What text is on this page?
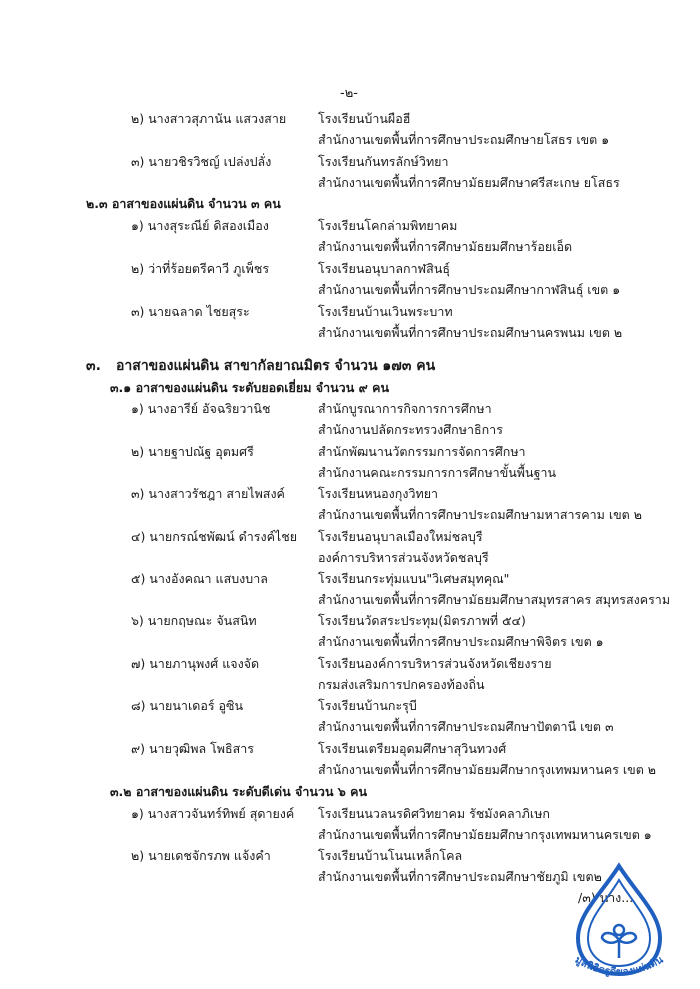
-๒-
๒) นางสาวสุภานัน แสวงสาย	โรงเรียนบ้านผือฮี
สำนักงานเขตพื้นที่การศึกษาประถมศึกษายโสธร เขต ๑
๓) นายวชิรวิชญ์ เปล่งปลั่ง	โรงเรียนกันทรลักษ์วิทยา
สำนักงานเขตพื้นที่การศึกษามัธยมศึกษาศรีสะเกษ ยโสธร
๒.๓ อาสาของแผ่นดิน จำนวน ๓ คน
๑) นางสุระณีย์ ดิสองเมือง	โรงเรียนโคกล่ามพิทยาคม
สำนักงานเขตพื้นที่การศึกษามัธยมศึกษาร้อยเอ็ด
๒) ว่าที่ร้อยตรีคาวี ภูเพ็ชร	โรงเรียนอนุบาลกาฬสินธุ์
สำนักงานเขตพื้นที่การศึกษาประถมศึกษากาฬสินธุ์ เขต ๑
๓) นายฉลาด ไชยสุระ	โรงเรียนบ้านเวินพระบาท
สำนักงานเขตพื้นที่การศึกษาประถมศึกษานครพนม เขต ๒
๓. อาสาของแผ่นดิน สาขากัลยาณมิตร จำนวน ๑๗๓ คน
๓.๑ อาสาของแผ่นดิน ระดับยอดเยี่ยม จำนวน ๙ คน
๑) นางอารีย์ อัจฉริยวานิช	สำนักบูรณาการกิจการการศึกษา
สำนักงานปลัดกระทรวงศึกษาธิการ
๒) นายฐาปณัฐ อุตมศรี	สำนักพัฒนานวัตกรรมการจัดการศึกษา
สำนักงานคณะกรรมการการศึกษาขั้นพื้นฐาน
๓) นางสาวรัชฎา สายไพสงค์	โรงเรียนหนองกุงวิทยา
สำนักงานเขตพื้นที่การศึกษาประถมศึกษามหาสารคาม เขต ๒
๔) นายกรณ์ชพัฒน์ ดำรงค์ไชย โรงเรียนอนุบาลเมืองใหม่ชลบุรี
องค์การบริหารส่วนจังหวัดชลบุรี
๕) นางอังคณา แสบงบาล	โรงเรียนกระทุ่มแบน"วิเศษสมุทคุณ"
สำนักงานเขตพื้นที่การศึกษามัธยมศึกษาสมุทรสาคร สมุทรสงคราม
๖) นายกฤษณะ จันสนิท	โรงเรียนวัดสระประทุม(มิตรภาพที่ ๕๔)
สำนักงานเขตพื้นที่การศึกษาประถมศึกษาพิจิตร เขต ๑
๗) นายภานุพงศ์ แจงจัด	โรงเรียนองค์การบริหารส่วนจังหวัดเชียงราย
กรมส่งเสริมการปกครองท้องถิ่น
๘) นายนาเดอร์ อูซิน	โรงเรียนบ้านกะรุบี
สำนักงานเขตพื้นที่การศึกษาประถมศึกษาปัตตานี เขต ๓
๙) นายวุฒิพล โพธิสาร	โรงเรียนเตรียมอุดมศึกษาสุวินทวงศ์
สำนักงานเขตพื้นที่การศึกษามัธยมศึกษากรุงเทพมหานคร เขต ๒
๓.๒ อาสาของแผ่นดิน ระดับดีเด่น จำนวน ๖ คน
๑) นางสาวจันทร์ทิพย์ สุดายงค์ โรงเรียนนวลนรดิศวิทยาคม รัชมังคลาภิเษก
สำนักงานเขตพื้นที่การศึกษามัธยมศึกษากรุงเทพมหานครเขต ๑
๒) นายเดชจักรภพ แจ้งคำ	โรงเรียนบ้านโนนเหล็กโคล
สำนักงานเขตพื้นที่การศึกษาประถมศึกษาชัยภูมิ เขต๒
/๓) นาง...
มูลนิธิครูดีของแผ่นดิน
